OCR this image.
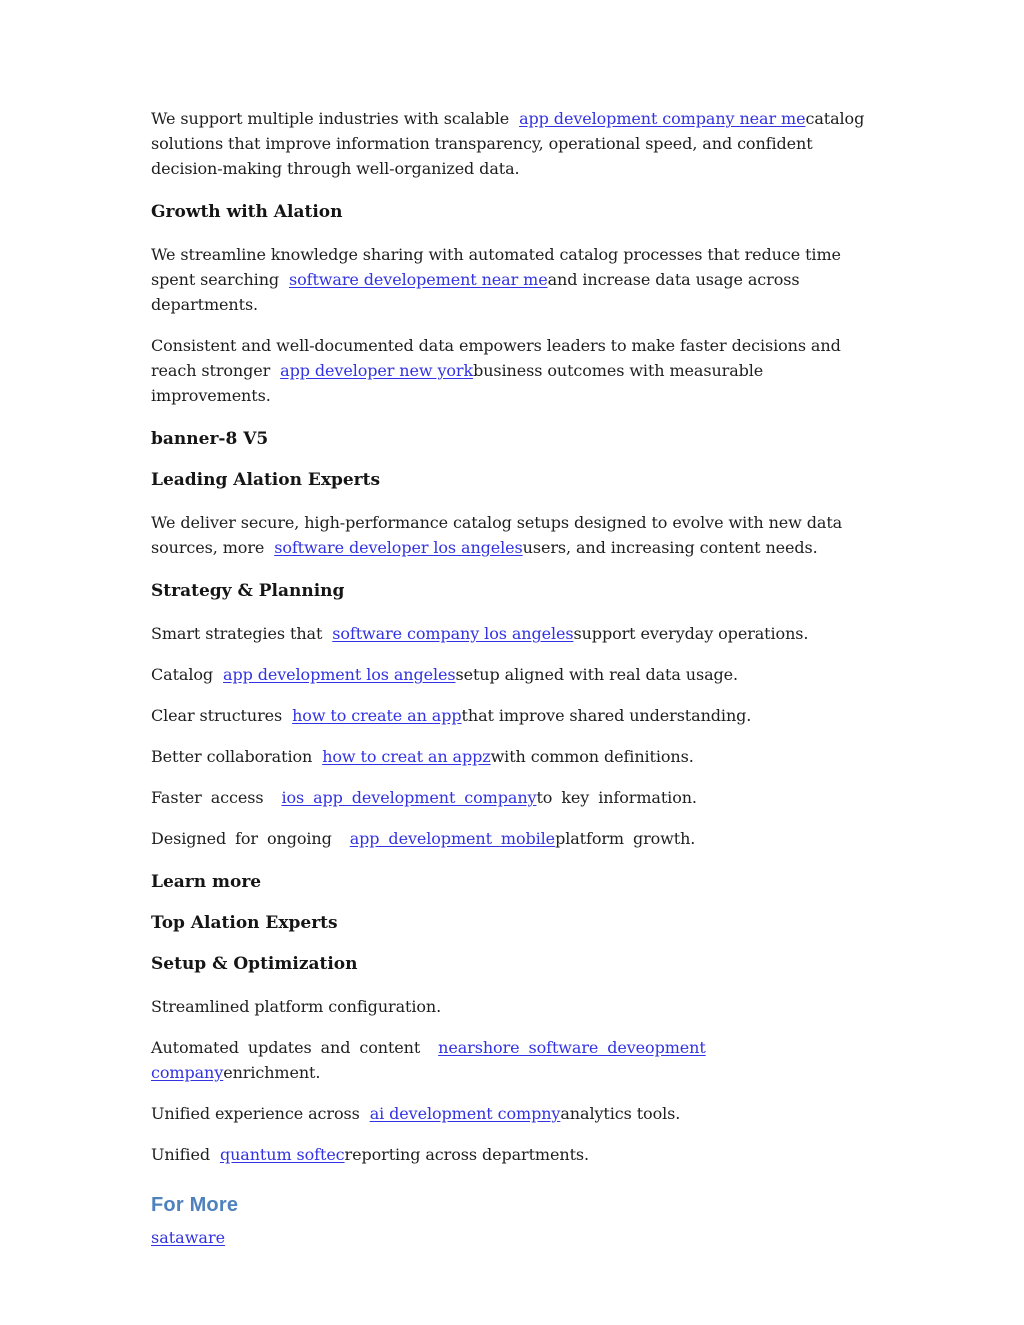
We support multiple industries with scalable  app development company near mecatalog solutions that improve information transparency, operational speed, and confident decision-making through well-organized data.

Growth with Alation

We streamline knowledge sharing with automated catalog processes that reduce time spent searching  software developement near meand increase data usage across departments.

Consistent and well-documented data empowers leaders to make faster decisions and reach stronger  app developer new yorkbusiness outcomes with measurable improvements.

banner-8 V5
Leading Alation Experts

We deliver secure, high-performance catalog setups designed to evolve with new data sources, more  software developer los angelesusers, and increasing content needs.

Strategy & Planning

Smart strategies that  software company los angelessupport everyday operations.

Catalog  app development los angelessetup aligned with real data usage.

Clear structures  how to create an appthat improve shared understanding.

Better collaboration  how to creat an appzwith common definitions.

Faster access  ios app development companyto key information.

Designed for ongoing  app development mobileplatform growth.

Learn more
Top Alation Experts
Setup & Optimization

Streamlined platform configuration.

Automated updates and content  nearshore software deveopment companyenrichment.

Unified experience across  ai development compnyanalytics tools.

Unified  quantum softecreporting across departments.

For More

sataware
